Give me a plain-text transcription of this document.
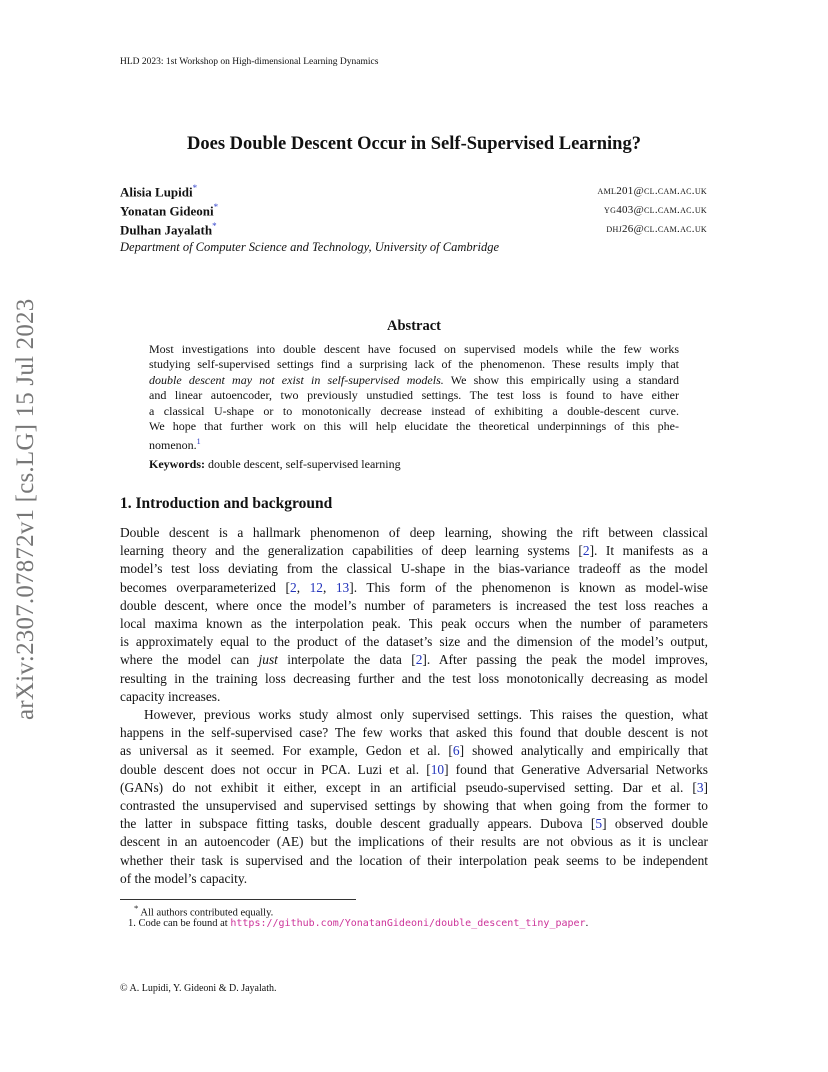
HLD 2023: 1st Workshop on High-dimensional Learning Dynamics
Does Double Descent Occur in Self-Supervised Learning?
Alisia Lupidi*
Yonatan Gideoni*
Dulhan Jayalath*
aml201@cl.cam.ac.uk
yg403@cl.cam.ac.uk
dhj26@cl.cam.ac.uk
Department of Computer Science and Technology, University of Cambridge
arXiv:2307.07872v1 [cs.LG] 15 Jul 2023	Abstract
Most investigations into double descent have focused on supervised models while the few works
studying self-supervised settings find a surprising lack of the phenomenon. These results imply that
double descent may not exist in self-supervised models. We show this empirically using a standard
and linear autoencoder, two previously unstudied settings. The test loss is found to have either
a classical U-shape or to monotonically decrease instead of exhibiting a double-descent curve.
We hope that further work on this will help elucidate the theoretical underpinnings of this phe-
nomenon.$^1$
Keywords: double descent, self-supervised learning
1. Introduction and background
Double descent is a hallmark phenomenon of deep learning, showing the rift between classical
learning theory and the generalization capabilities of deep learning systems [2]. It manifests as a
model’s test loss deviating from the classical U-shape in the bias-variance tradeoff as the model
becomes overparameterized [2, 12, 13]. This form of the phenomenon is known as model-wise
double descent, where once the model’s number of parameters is increased the test loss reaches a
local maxima known as the interpolation peak. This peak occurs when the number of parameters
is approximately equal to the product of the dataset’s size and the dimension of the model’s output,
where the model can just interpolate the data [2]. After passing the peak the model improves,
resulting in the training loss decreasing further and the test loss monotonically decreasing as model
capacity increases.
However, previous works study almost only supervised settings. This raises the question, what
happens in the self-supervised case? The few works that asked this found that double descent is not
as universal as it seemed. For example, Gedon et al. [6] showed analytically and empirically that
double descent does not occur in PCA. Luzi et al. [10] found that Generative Adversarial Networks
(GANs) do not exhibit it either, except in an artificial pseudo-supervised setting. Dar et al. [3]
contrasted the unsupervised and supervised settings by showing that when going from the former to
the latter in subspace fitting tasks, double descent gradually appears. Dubova [5] observed double
descent in an autoencoder (AE) but the implications of their results are not obvious as it is unclear
whether their task is supervised and the location of their interpolation peak seems to be independent
of the model’s capacity.
* All authors contributed equally.
1. Code can be found at https://github.com/YonatanGideoni/double_descent_tiny_paper.
© A. Lupidi, Y. Gideoni & D. Jayalath.
